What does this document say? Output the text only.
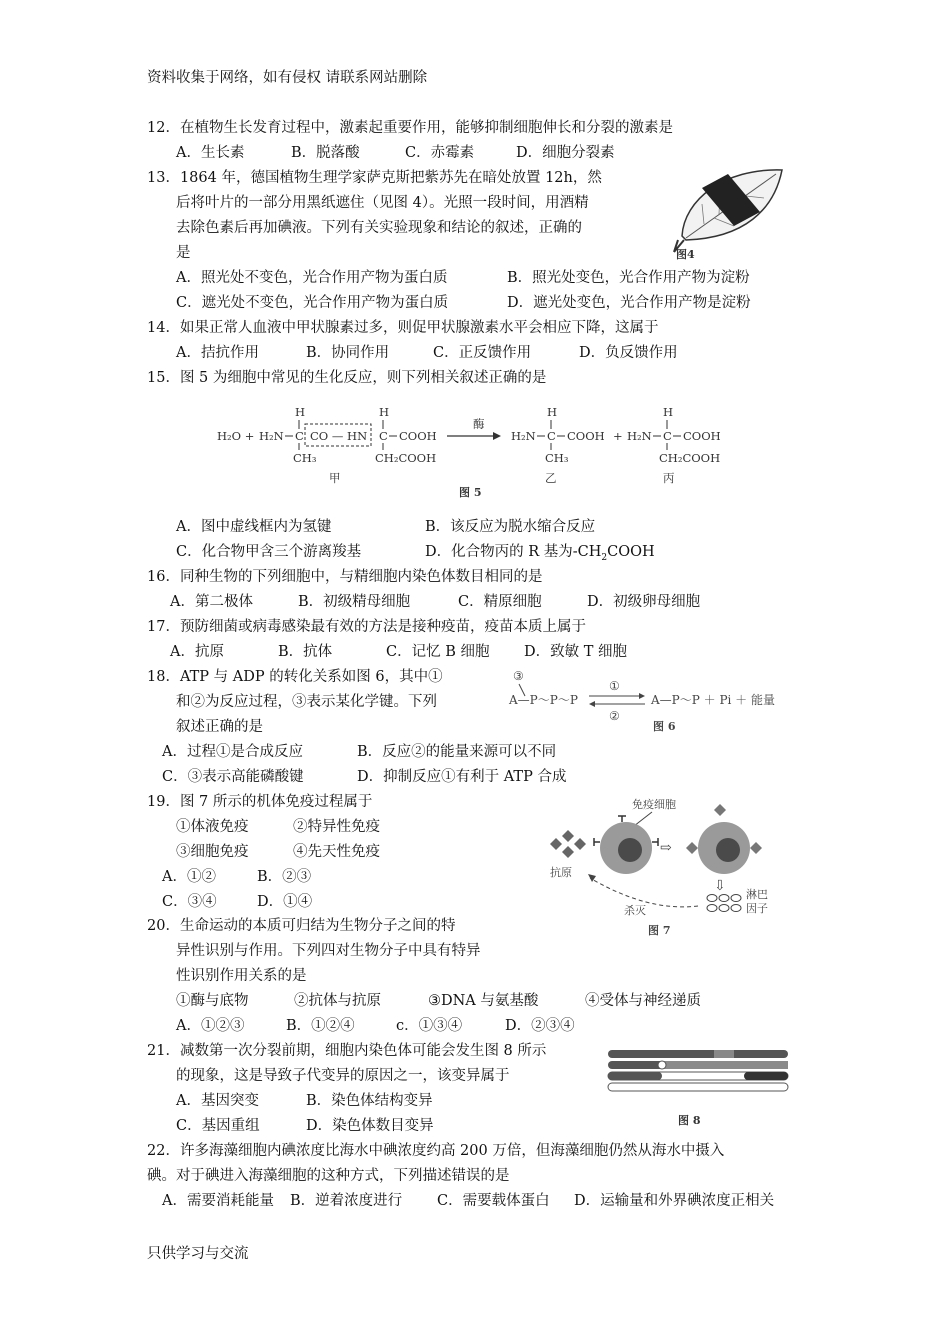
资料收集于网络，如有侵权 请联系网站删除
12．在植物生长发育过程中，激素起重要作用，能够抑制细胞伸长和分裂的激素是
A．生长素	B．脱落酸	C．赤霉素	D．细胞分裂素
13．1864 年，德国植物生理学家萨克斯把紫苏先在暗处放置 12h，然
后将叶片的一部分用黑纸遮住（见图 4）。光照一段时间，用酒精
去除色素后再加碘液。下列有关实验现象和结论的叙述，正确的
是
A．照光处不变色，光合作用产物为蛋白质	B．照光处变色，光合作用产物为淀粉
C．遮光处不变色，光合作用产物为蛋白质	D．遮光处变色，光合作用产物是淀粉
图4
14．如果正常人血液中甲状腺素过多，则促甲状腺激素水平会相应下降，这属于
A．拮抗作用	B．协同作用	C．正反馈作用	D．负反馈作用
15．图 5 为细胞中常见的生化反应，则下列相关叙述正确的是
H₂O + H₂N
H
C
CH₃
CO — HN
H
C COOH
CH₂COOH
酶
H₂N
H
C COOH
CH₃
+ H₂N
H
C COOH
CH₂COOH
甲	乙	丙
图 5
A．图中虚线框内为氢键	B．该反应为脱水缩合反应
C．化合物甲含三个游离羧基	D．化合物丙的 R 基为$-CH_2COOH$
16．同种生物的下列细胞中，与精细胞内染色体数目相同的是
A．第二极体	B．初级精母细胞	C．精原细胞	D．初级卵母细胞
17．预防细菌或病毒感染最有效的方法是接种疫苗，疫苗本质上属于
A．抗原	B．抗体	C．记忆 B 细胞 D．致敏 T 细胞
18．ATP 与 ADP 的转化关系如图 6，其中①
和②为反应过程，③表示某化学键。下列
叙述正确的是
③
A—P～P～P
①
②
A—P～P ＋ Pi ＋ 能量
图 6
A．过程①是合成反应	B．反应②的能量来源可以不同
C．③表示高能磷酸键	D．抑制反应①有利于 ATP 合成
19．图 7 所示的机体免疫过程属于
①体液免疫	②特异性免疫
③细胞免疫	④先天性免疫
A．①②	B．②③
C．③④	D．①④
免疫细胞
抗原
⇨
⇩
淋巴
因子
杀灭
图 7
20．生命运动的本质可归结为生物分子之间的特
异性识别与作用。下列四对生物分子中具有特异
性识别作用关系的是
①酶与底物	②抗体与抗原	③DNA 与氨基酸	④受体与神经递质
A．①②③	B．①②④	c．①③④	D．②③④
21．减数第一次分裂前期，细胞内染色体可能会发生图 8 所示
的现象，这是导致子代变异的原因之一，该变异属于
A．基因突变	B．染色体结构变异
C．基因重组	D．染色体数目变异	图 8
22．许多海藻细胞内碘浓度比海水中碘浓度约高 200 万倍，但海藻细胞仍然从海水中摄入
碘。对于碘进入海藻细胞的这种方式，下列描述错误的是
A．需要消耗能量 B．逆着浓度进行 C．需要载体蛋白 D．运输量和外界碘浓度正相关
只供学习与交流
